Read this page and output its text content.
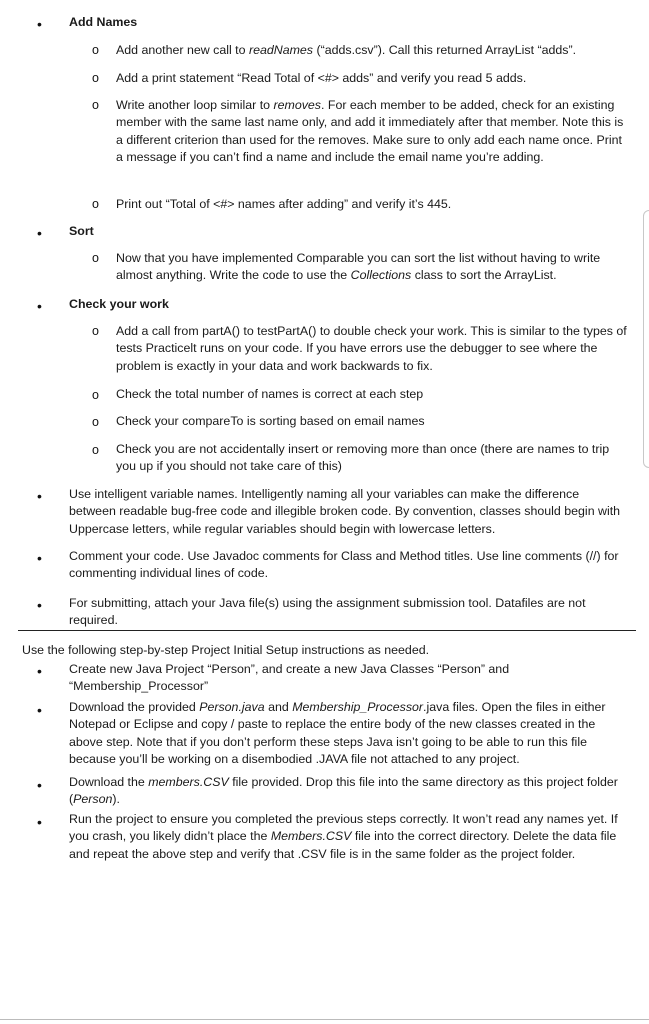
•	Add Names
o	Add another new call to readNames (“adds.csv”). Call this returned ArrayList “adds”.
o	Add a print statement “Read Total of <#> adds” and verify you read 5 adds.
o	Write another loop similar to removes. For each member to be added, check for an existing member with the same last name only, and add it immediately after that member. Note this is a different criterion than used for the removes. Make sure to only add each name once. Print a message if you can’t find a name and include the email name you’re adding.
o	Print out “Total of <#> names after adding” and verify it’s 445.
•	Sort
o	Now that you have implemented Comparable you can sort the list without having to write almost anything. Write the code to use the Collections class to sort the ArrayList.
•	Check your work
o	Add a call from partA() to testPartA() to double check your work. This is similar to the types of tests Practicelt runs on your code. If you have errors use the debugger to see where the problem is exactly in your data and work backwards to fix.
o	Check the total number of names is correct at each step
o	Check your compareTo is sorting based on email names
o	Check you are not accidentally insert or removing more than once (there are names to trip you up if you should not take care of this)
•	Use intelligent variable names. Intelligently naming all your variables can make the difference between readable bug-free code and illegible broken code. By convention, classes should begin with Uppercase letters, while regular variables should begin with lowercase letters.
•	Comment your code. Use Javadoc comments for Class and Method titles. Use line comments (//) for commenting individual lines of code.
•	For submitting, attach your Java file(s) using the assignment submission tool. Datafiles are not required.
Use the following step-by-step Project Initial Setup instructions as needed.
•	Create new Java Project “Person”, and create a new Java Classes “Person” and “Membership_Processor”
•	Download the provided Person.java and Membership_Processor.java files. Open the files in either Notepad or Eclipse and copy / paste to replace the entire body of the new classes created in the above step. Note that if you don’t perform these steps Java isn’t going to be able to run this file because you’ll be working on a disembodied .JAVA file not attached to any project.
•	Download the members.CSV file provided. Drop this file into the same directory as this project folder (Person).
•	Run the project to ensure you completed the previous steps correctly. It won’t read any names yet. If you crash, you likely didn’t place the Members.CSV file into the correct directory. Delete the data file and repeat the above step and verify that .CSV file is in the same folder as the project folder.
